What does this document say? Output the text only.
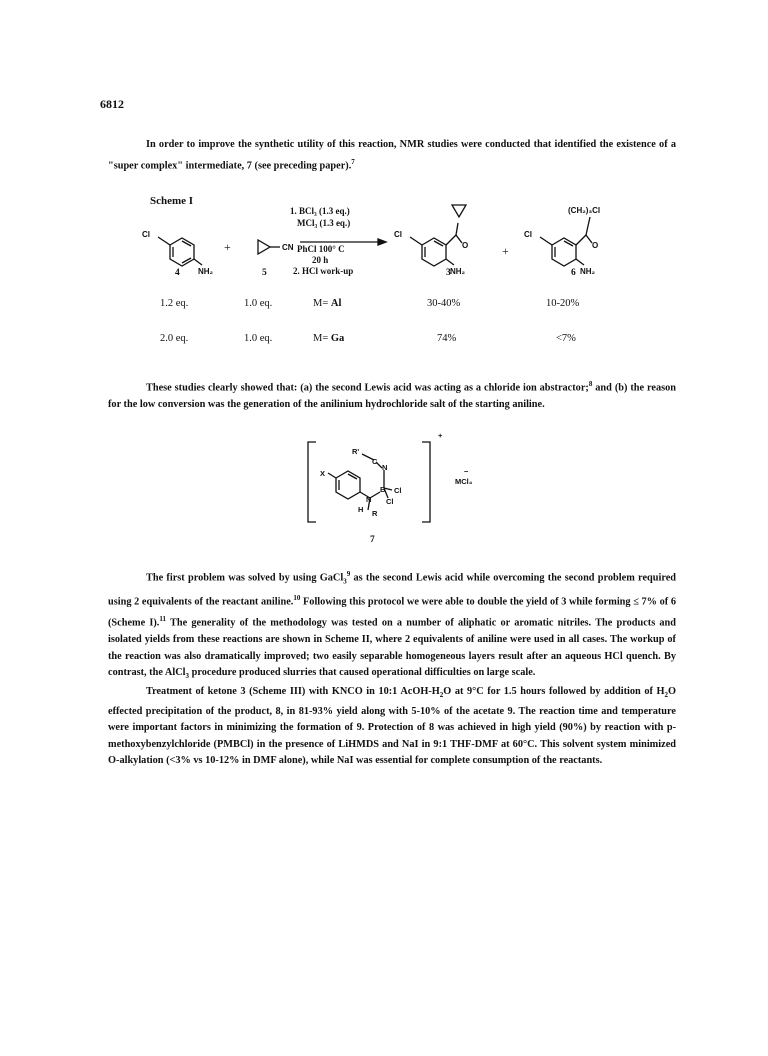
6812

In order to improve the synthetic utility of this reaction, NMR studies were conducted that identified the existence of a "super complex" intermediate, 7 (see preceding paper).$^7$

Scheme I
Cl
NH₂
CN
Cl
NH₂
O
Cl
NH₂
O
(CH₂)₃Cl
+	+
1. BCl₃ (1.3 eq.)
MCl₃ (1.3 eq.)
PhCl 100° C
20 h
2. HCl work-up
4	5	3	6
1.2 eq.	1.0 eq.	M= Al	30-40%	10-20%
2.0 eq.	1.0 eq.	M= Ga	74%	<7%

These studies clearly showed that: (a) the second Lewis acid was acting as a chloride ion abstractor;$^8$ and (b) the reason for the low conversion was the generation of the anilinium hydrochloride salt of the starting aniline.

+
MCl₄
−
X
R'
C
N
B Cl
Cl
N
H R
7

The first problem was solved by using GaCl$_3^9$ as the second Lewis acid while overcoming the second problem required using 2 equivalents of the reactant aniline.$^{10}$ Following this protocol we were able to double the yield of 3 while forming ≤ 7% of 6 (Scheme I).$^{11}$ The generality of the methodology was tested on a number of aliphatic or aromatic nitriles. The products and isolated yields from these reactions are shown in Scheme II, where 2 equivalents of aniline were used in all cases. The workup of the reaction was also dramatically improved; two easily separable homogeneous layers result after an aqueous HCl quench. By contrast, the AlCl$_3$ procedure produced slurries that caused operational difficulties on large scale.

Treatment of ketone 3 (Scheme III) with KNCO in 10:1 AcOH-$H_2O$ at 9°C for 1.5 hours followed by addition of $H_2O$ effected precipitation of the product, 8, in 81-93% yield along with 5-10% of the acetate 9. The reaction time and temperature were important factors in minimizing the formation of 9. Protection of 8 was achieved in high yield (90%) by reaction with p-methoxybenzylchloride (PMBCl) in the presence of LiHMDS and NaI in 9:1 THF-DMF at 60°C. This solvent system minimized O-alkylation (<3% vs 10-12% in DMF alone), while NaI was essential for complete consumption of the reactants.
